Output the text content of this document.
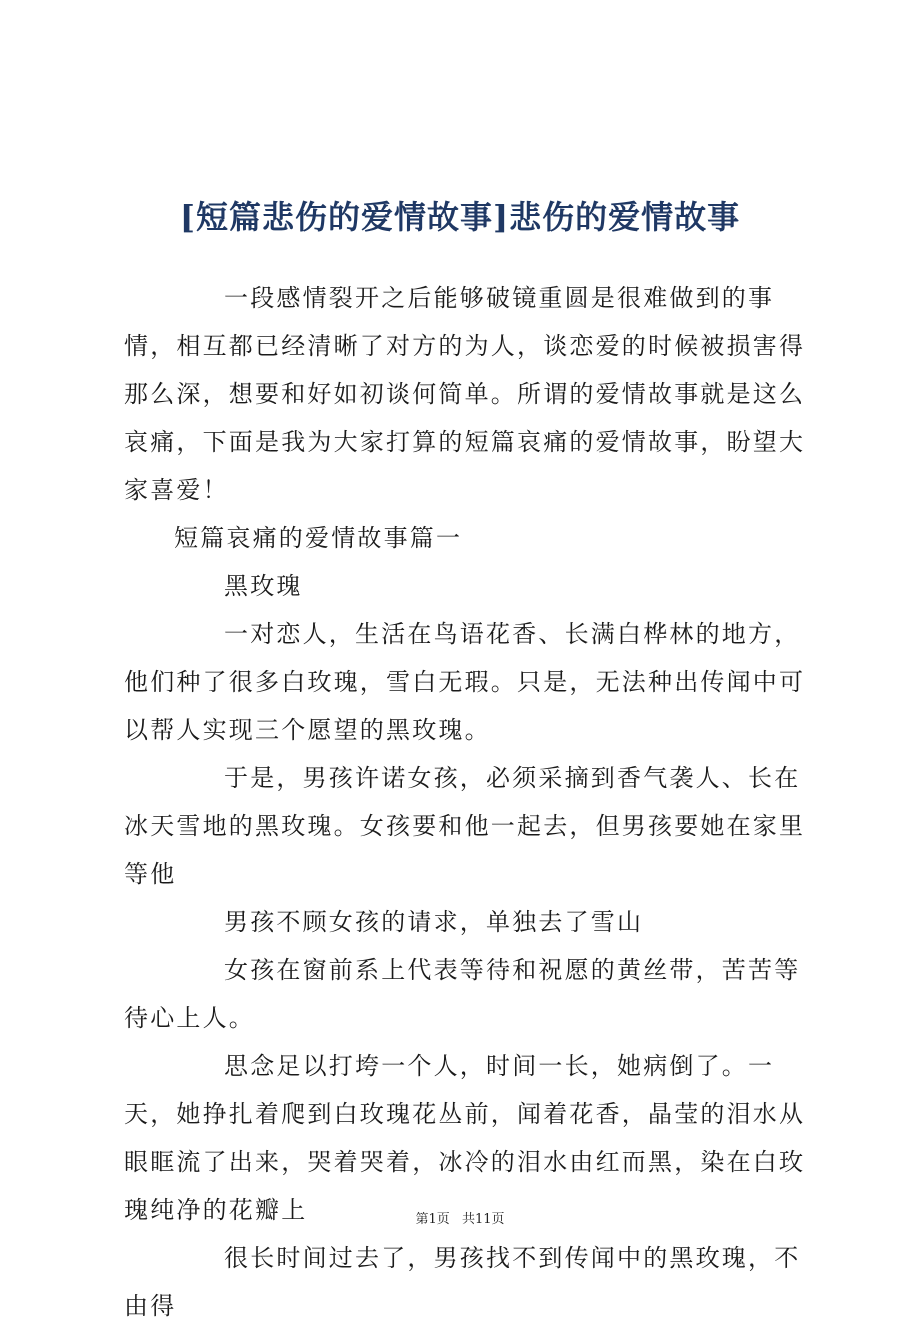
[短篇悲伤的爱情故事]悲伤的爱情故事

一段感情裂开之后能够破镜重圆是很难做到的事情，相互都已经清晰了对方的为人，谈恋爱的时候被损害得那么深，想要和好如初谈何简单。所谓的爱情故事就是这么哀痛，下面是我为大家打算的短篇哀痛的爱情故事，盼望大家喜爱！

短篇哀痛的爱情故事篇一

黑玫瑰

一对恋人，生活在鸟语花香、长满白桦林的地方，他们种了很多白玫瑰，雪白无瑕。只是，无法种出传闻中可以帮人实现三个愿望的黑玫瑰。

于是，男孩许诺女孩，必须采摘到香气袭人、长在冰天雪地的黑玫瑰。女孩要和他一起去，但男孩要她在家里等他

男孩不顾女孩的请求，单独去了雪山

女孩在窗前系上代表等待和祝愿的黄丝带，苦苦等待心上人。

思念足以打垮一个人，时间一长，她病倒了。一天，她挣扎着爬到白玫瑰花丛前，闻着花香，晶莹的泪水从眼眶流了出来，哭着哭着，冰冷的泪水由红而黑，染在白玫瑰纯净的花瓣上

很长时间过去了，男孩找不到传闻中的黑玫瑰，不由得

第1页 共11页
